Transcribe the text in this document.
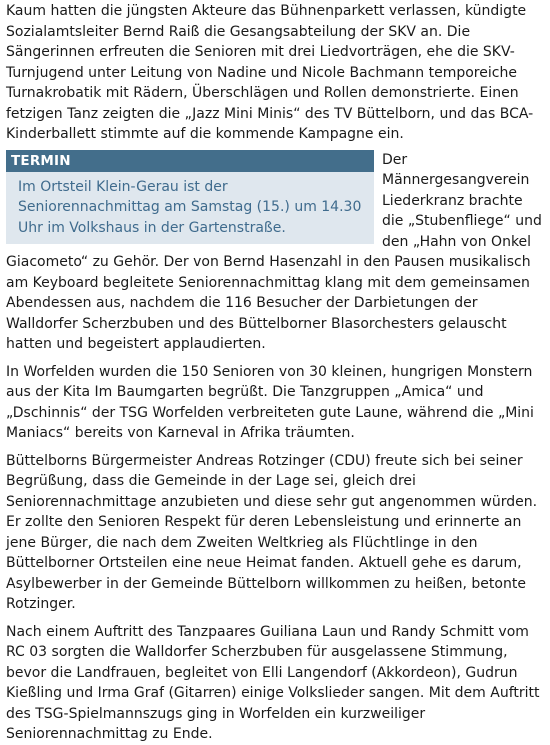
Kaum hatten die jüngsten Akteure das Bühnenparkett verlassen, kündigte Sozialamtsleiter Bernd Raiß die Gesangsabteilung der SKV an. Die Sängerinnen erfreuten die Senioren mit drei Liedvorträgen, ehe die SKV-Turnjugend unter Leitung von Nadine und Nicole Bachmann temporeiche Turnakrobatik mit Rädern, Überschlägen und Rollen demonstrierte. Einen fetzigen Tanz zeigten die „Jazz Mini Minis“ des TV Büttelborn, und das BCA-Kinderballett stimmte auf die kommende Kampagne ein.

TERMIN
Im Ortsteil Klein-Gerau ist der Seniorennachmittag am Samstag (15.) um 14.30 Uhr im Volkshaus in der Gartenstraße.

Der Männergesangverein Liederkranz brachte die „Stubenfliege“ und den „Hahn von Onkel Giacometo“ zu Gehör. Der von Bernd Hasenzahl in den Pausen musikalisch am Keyboard begleitete Seniorennachmittag klang mit dem gemeinsamen Abendessen aus, nachdem die 116 Besucher der Darbietungen der Walldorfer Scherzbuben und des Büttelborner Blasorchesters gelauscht hatten und begeistert applaudierten.

In Worfelden wurden die 150 Senioren von 30 kleinen, hungrigen Monstern aus der Kita Im Baumgarten begrüßt. Die Tanzgruppen „Amica“ und „Dschinnis“ der TSG Worfelden verbreiteten gute Laune, während die „Mini Maniacs“ bereits von Karneval in Afrika träumten.

Büttelborns Bürgermeister Andreas Rotzinger (CDU) freute sich bei seiner Begrüßung, dass die Gemeinde in der Lage sei, gleich drei Seniorennachmittage anzubieten und diese sehr gut angenommen würden. Er zollte den Senioren Respekt für deren Lebensleistung und erinnerte an jene Bürger, die nach dem Zweiten Weltkrieg als Flüchtlinge in den Büttelborner Ortsteilen eine neue Heimat fanden. Aktuell gehe es darum, Asylbewerber in der Gemeinde Büttelborn willkommen zu heißen, betonte Rotzinger.

Nach einem Auftritt des Tanzpaares Guiliana Laun und Randy Schmitt vom RC 03 sorgten die Walldorfer Scherzbuben für ausgelassene Stimmung, bevor die Landfrauen, begleitet von Elli Langendorf (Akkordeon), Gudrun Kießling und Irma Graf (Gitarren) einige Volkslieder sangen. Mit dem Auftritt des TSG-Spielmannszugs ging in Worfelden ein kurzweiliger Seniorennachmittag zu Ende.
